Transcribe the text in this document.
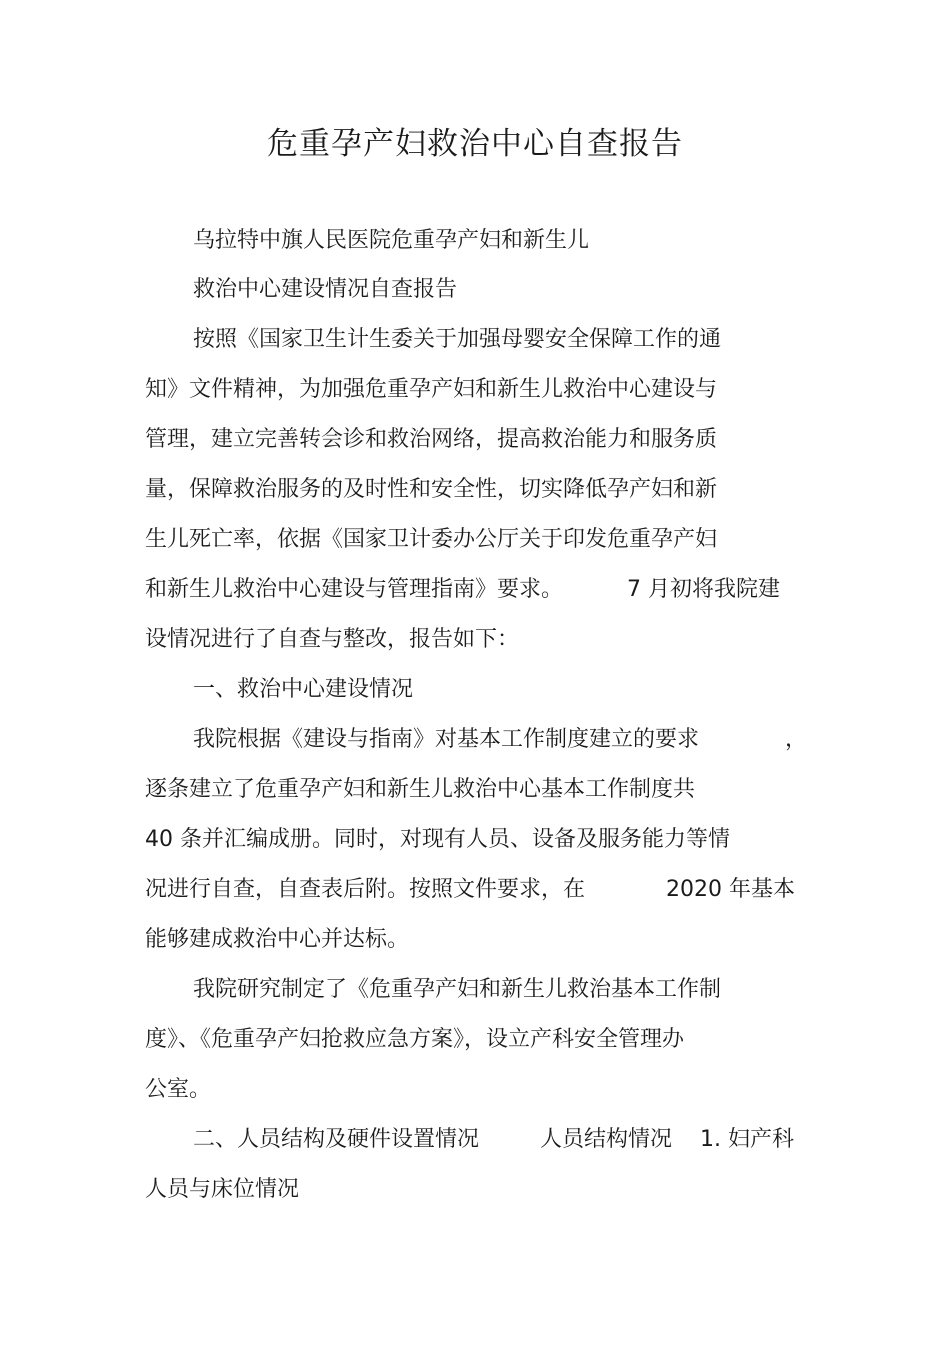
危重孕产妇救治中心自查报告

乌拉特中旗人民医院危重孕产妇和新生儿

救治中心建设情况自查报告

按照《国家卫生计生委关于加强母婴安全保障工作的通

知》文件精神，为加强危重孕产妇和新生儿救治中心建设与

管理，建立完善转会诊和救治网络，提高救治能力和服务质

量，保障救治服务的及时性和安全性，切实降低孕产妇和新

生儿死亡率，依据《国家卫计委办公厅关于印发危重孕产妇

和新生儿救治中心建设与管理指南》要求。	7 月初将我院建

设情况进行了自查与整改，报告如下：

一、救治中心建设情况

我院根据《建设与指南》对基本工作制度建立的要求	，

逐条建立了危重孕产妇和新生儿救治中心基本工作制度共

40 条并汇编成册。同时，对现有人员、设备及服务能力等情

况进行自查，自查表后附。按照文件要求，在	2020 年基本

能够建成救治中心并达标。

我院研究制定了《危重孕产妇和新生儿救治基本工作制

度》、《危重孕产妇抢救应急方案》，设立产科安全管理办

公室。

二、人员结构及硬件设置情况	人员结构情况 1. 妇产科

人员与床位情况
